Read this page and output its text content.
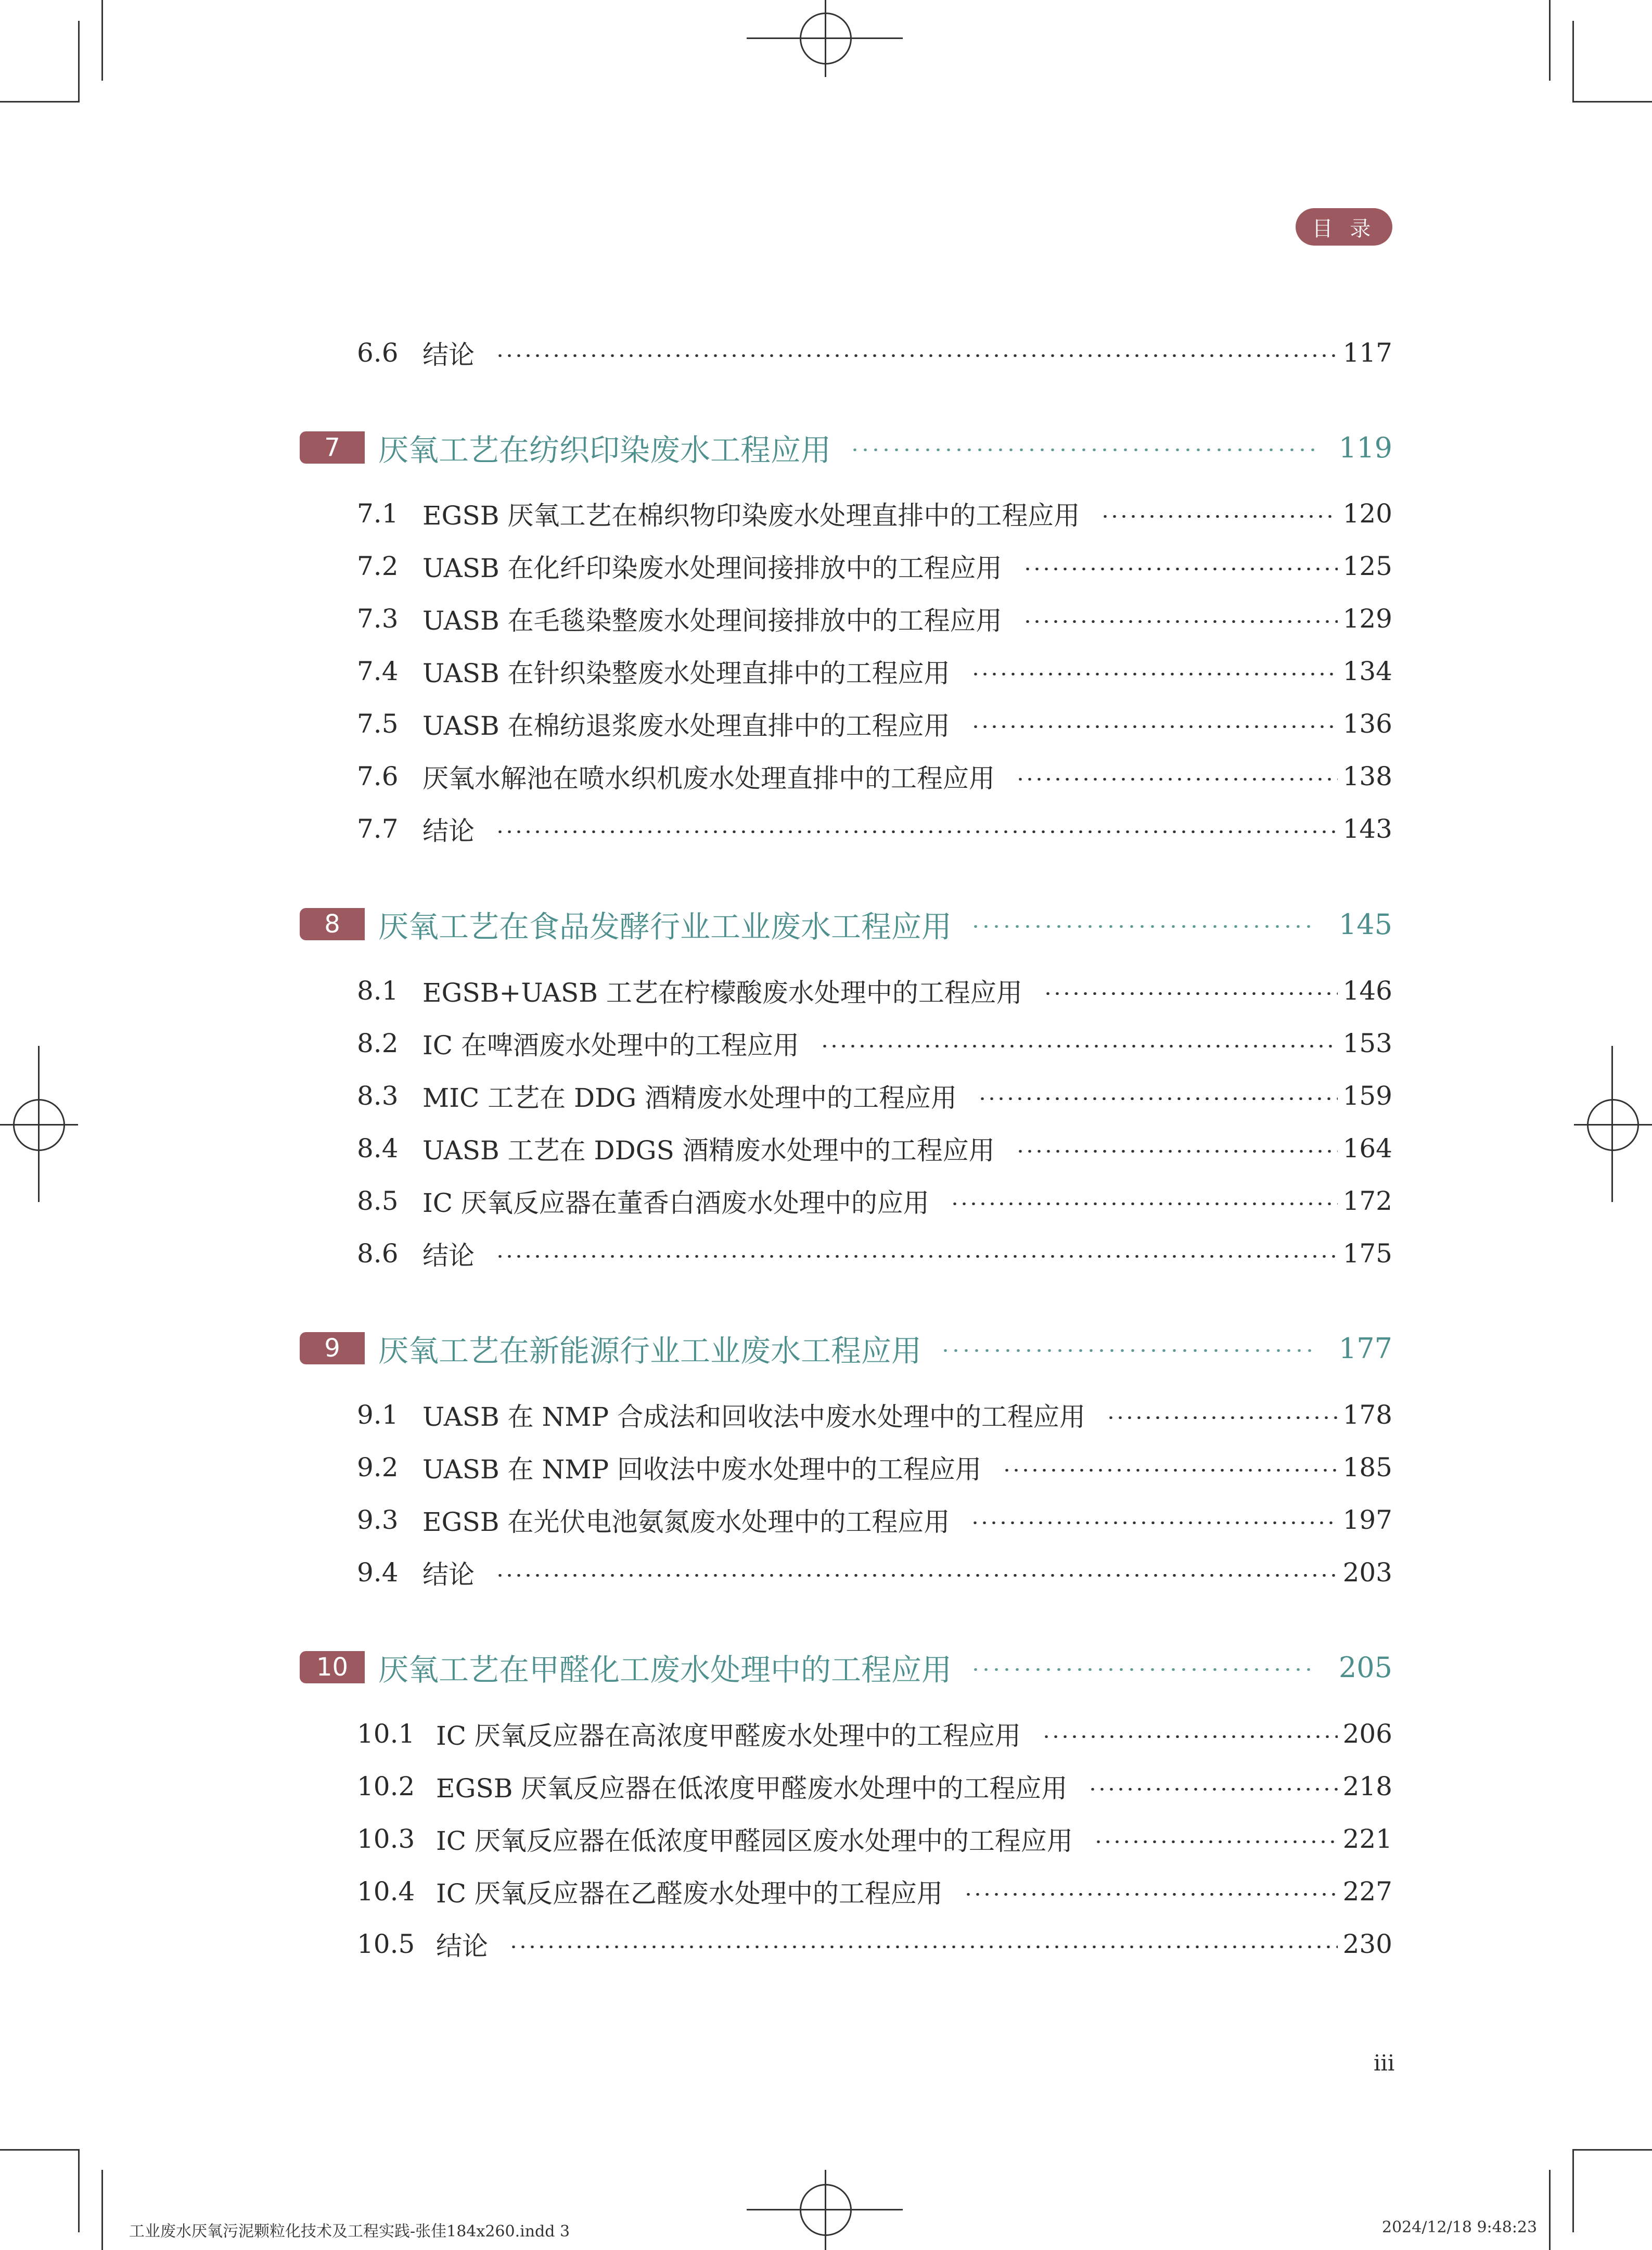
目 录
6.6 结论	117
7	厌氧工艺在纺织印染废水工程应用	119
7.1 EGSB 厌氧工艺在棉织物印染废水处理直排中的工程应用	120
7.2 UASB 在化纤印染废水处理间接排放中的工程应用	125
7.3 UASB 在毛毯染整废水处理间接排放中的工程应用	129
7.4 UASB 在针织染整废水处理直排中的工程应用	134
7.5 UASB 在棉纺退浆废水处理直排中的工程应用	136
7.6 厌氧水解池在喷水织机废水处理直排中的工程应用	138
7.7 结论	143
8	厌氧工艺在食品发酵行业工业废水工程应用	145
8.1 EGSB+UASB 工艺在柠檬酸废水处理中的工程应用	146
8.2 IC 在啤酒废水处理中的工程应用	153
8.3 MIC 工艺在 DDG 酒精废水处理中的工程应用	159
8.4 UASB 工艺在 DDGS 酒精废水处理中的工程应用	164
8.5 IC 厌氧反应器在董香白酒废水处理中的应用	172
8.6 结论	175
9	厌氧工艺在新能源行业工业废水工程应用	177
9.1 UASB 在 NMP 合成法和回收法中废水处理中的工程应用	178
9.2 UASB 在 NMP 回收法中废水处理中的工程应用	185
9.3 EGSB 在光伏电池氨氮废水处理中的工程应用	197
9.4 结论	203
10 厌氧工艺在甲醛化工废水处理中的工程应用	205
10.1 IC 厌氧反应器在高浓度甲醛废水处理中的工程应用	206
10.2 EGSB 厌氧反应器在低浓度甲醛废水处理中的工程应用	218
10.3 IC 厌氧反应器在低浓度甲醛园区废水处理中的工程应用	221
10.4 IC 厌氧反应器在乙醛废水处理中的工程应用	227
10.5 结论	230
iii
工业废水厌氧污泥颗粒化技术及工程实践-张佳184x260.indd 3	2024/12/18 9:48:23
